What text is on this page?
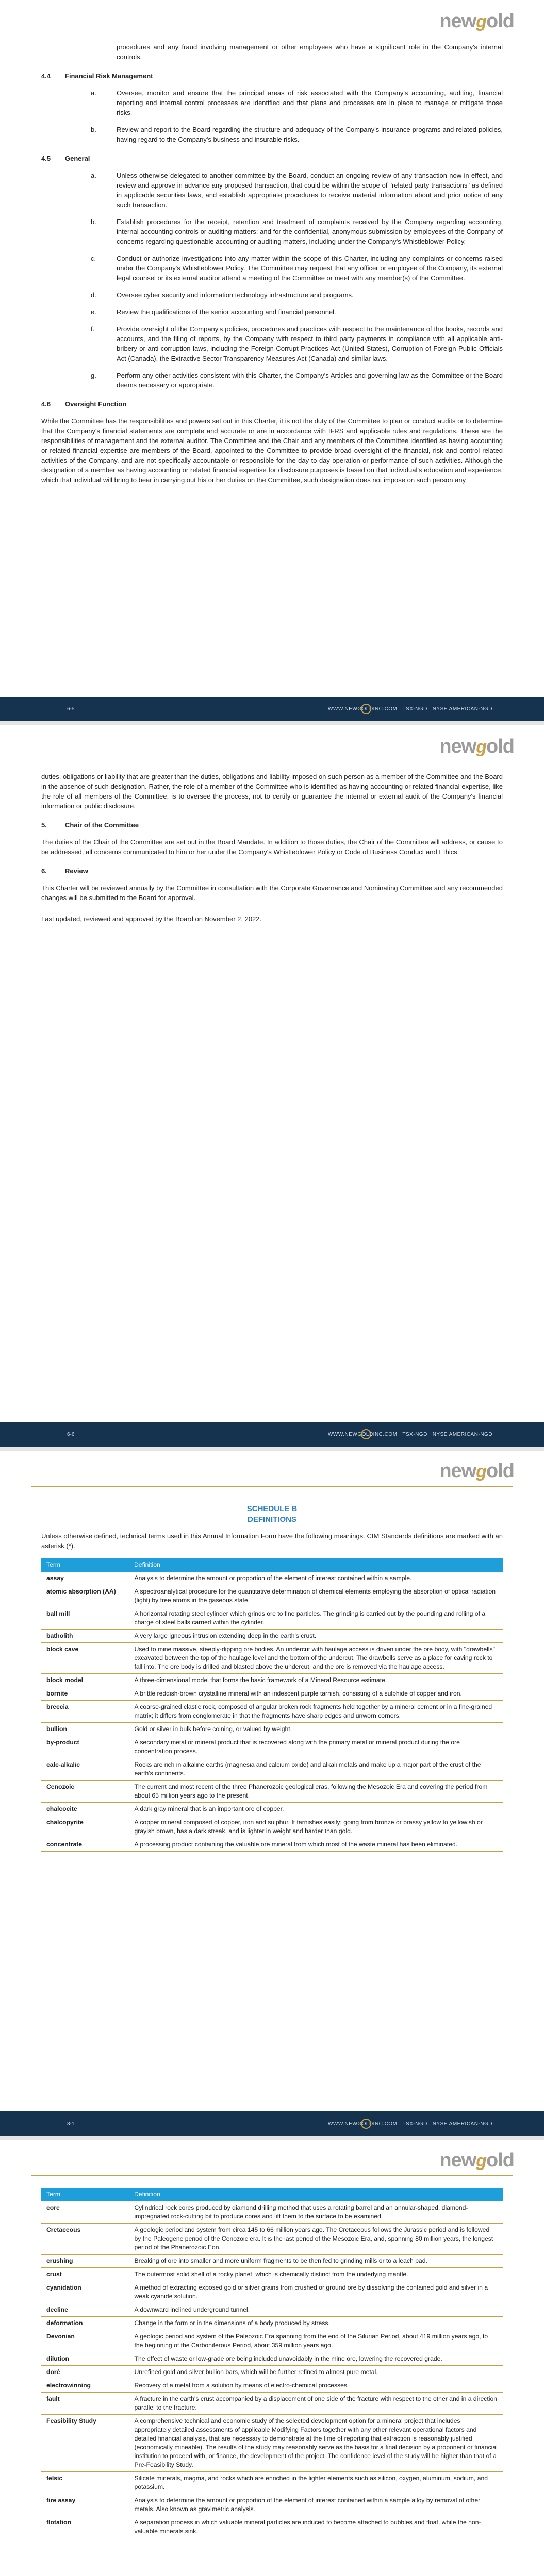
newgold
procedures and any fraud involving management or other employees who have a significant role in the Company's internal controls.
4.4 Financial Risk Management
a.	Oversee, monitor and ensure that the principal areas of risk associated with the Company's accounting, auditing, financial reporting and internal control processes are identified and that plans and processes are in place to manage or mitigate those risks.
b.	Review and report to the Board regarding the structure and adequacy of the Company's insurance programs and related policies, having regard to the Company's business and insurable risks.
4.5 General
a.	Unless otherwise delegated to another committee by the Board, conduct an ongoing review of any transaction now in effect, and review and approve in advance any proposed transaction, that could be within the scope of "related party transactions" as defined in applicable securities laws, and establish appropriate procedures to receive material information about and prior notice of any such transaction.
b.	Establish procedures for the receipt, retention and treatment of complaints received by the Company regarding accounting, internal accounting controls or auditing matters; and for the confidential, anonymous submission by employees of the Company of concerns regarding questionable accounting or auditing matters, including under the Company's Whistleblower Policy.
c.	Conduct or authorize investigations into any matter within the scope of this Charter, including any complaints or concerns raised under the Company's Whistleblower Policy. The Committee may request that any officer or employee of the Company, its external legal counsel or its external auditor attend a meeting of the Committee or meet with any member(s) of the Committee.
d.	Oversee cyber security and information technology infrastructure and programs.
e.	Review the qualifications of the senior accounting and financial personnel.
f.	Provide oversight of the Company's policies, procedures and practices with respect to the maintenance of the books, records and accounts, and the filing of reports, by the Company with respect to third party payments in compliance with all applicable anti-bribery or anti-corruption laws, including the Foreign Corrupt Practices Act (United States), Corruption of Foreign Public Officials Act (Canada), the Extractive Sector Transparency Measures Act (Canada) and similar laws.
g.	Perform any other activities consistent with this Charter, the Company's Articles and governing law as the Committee or the Board deems necessary or appropriate.
4.6 Oversight Function

While the Committee has the responsibilities and powers set out in this Charter, it is not the duty of the Committee to plan or conduct audits or to determine that the Company's financial statements are complete and accurate or are in accordance with IFRS and applicable rules and regulations. These are the responsibilities of management and the external auditor. The Committee and the Chair and any members of the Committee identified as having accounting or related financial expertise are members of the Board, appointed to the Committee to provide broad oversight of the financial, risk and control related activities of the Company, and are not specifically accountable or responsible for the day to day operation or performance of such activities. Although the designation of a member as having accounting or related financial expertise for disclosure purposes is based on that individual's education and experience, which that individual will bring to bear in carrying out his or her duties on the Committee, such designation does not impose on such person any

6-5	WWW.NEWGOLDINC.COM TSX-NGD NYSE AMERICAN-NGD
newgold

duties, obligations or liability that are greater than the duties, obligations and liability imposed on such person as a member of the Committee and the Board in the absence of such designation. Rather, the role of a member of the Committee who is identified as having accounting or related financial expertise, like the role of all members of the Committee, is to oversee the process, not to certify or guarantee the internal or external audit of the Company's financial information or public disclosure.

5.	Chair of the Committee

The duties of the Chair of the Committee are set out in the Board Mandate. In addition to those duties, the Chair of the Committee will address, or cause to be addressed, all concerns communicated to him or her under the Company's Whistleblower Policy or Code of Business Conduct and Ethics.

6.	Review

This Charter will be reviewed annually by the Committee in consultation with the Corporate Governance and Nominating Committee and any recommended changes will be submitted to the Board for approval.

Last updated, reviewed and approved by the Board on November 2, 2022.

6-6	WWW.NEWGOLDINC.COM TSX-NGD NYSE AMERICAN-NGD
newgold
SCHEDULE B
DEFINITIONS

Unless otherwise defined, technical terms used in this Annual Information Form have the following meanings. CIM Standards definitions are marked with an asterisk (*).

Term	Definition
assay	Analysis to determine the amount or proportion of the element of interest contained within a sample.
atomic absorption (AA)	A spectroanalytical procedure for the quantitative determination of chemical elements employing the absorption of optical radiation (light) by free atoms in the gaseous state.
ball mill	A horizontal rotating steel cylinder which grinds ore to fine particles. The grinding is carried out by the pounding and rolling of a charge of steel balls carried within the cylinder.
batholith	A very large igneous intrusion extending deep in the earth's crust.
block cave	Used to mine massive, steeply-dipping ore bodies. An undercut with haulage access is driven under the ore body, with "drawbells" excavated between the top of the haulage level and the bottom of the undercut. The drawbells serve as a place for caving rock to fall into. The ore body is drilled and blasted above the undercut, and the ore is removed via the haulage access.
block model	A three-dimensional model that forms the basic framework of a Mineral Resource estimate.
bornite	A brittle reddish-brown crystalline mineral with an iridescent purple tarnish, consisting of a sulphide of copper and iron.
breccia	A coarse-grained clastic rock, composed of angular broken rock fragments held together by a mineral cement or in a fine-grained matrix; it differs from conglomerate in that the fragments have sharp edges and unworn corners.
bullion	Gold or silver in bulk before coining, or valued by weight.
by-product	A secondary metal or mineral product that is recovered along with the primary metal or mineral product during the ore concentration process.
calc-alkalic	Rocks are rich in alkaline earths (magnesia and calcium oxide) and alkali metals and make up a major part of the crust of the earth's continents.
Cenozoic	The current and most recent of the three Phanerozoic geological eras, following the Mesozoic Era and covering the period from about 65 million years ago to the present.
chalcocite	A dark gray mineral that is an important ore of copper.
chalcopyrite	A copper mineral composed of copper, iron and sulphur. It tarnishes easily; going from bronze or brassy yellow to yellowish or grayish brown, has a dark streak, and is lighter in weight and harder than gold.
concentrate	A processing product containing the valuable ore mineral from which most of the waste mineral has been eliminated.
8-1	WWW.NEWGOLDINC.COM TSX-NGD NYSE AMERICAN-NGD
newgold
Term	Definition
core	Cylindrical rock cores produced by diamond drilling method that uses a rotating barrel and an annular-shaped, diamond-impregnated rock-cutting bit to produce cores and lift them to the surface to be examined.
Cretaceous	A geologic period and system from circa 145 to 66 million years ago. The Cretaceous follows the Jurassic period and is followed by the Paleogene period of the Cenozoic era. It is the last period of the Mesozoic Era, and, spanning 80 million years, the longest period of the Phanerozoic Eon.
crushing	Breaking of ore into smaller and more uniform fragments to be then fed to grinding mills or to a leach pad.
crust	The outermost solid shell of a rocky planet, which is chemically distinct from the underlying mantle.
cyanidation	A method of extracting exposed gold or silver grains from crushed or ground ore by dissolving the contained gold and silver in a weak cyanide solution.
decline	A downward inclined underground tunnel.
deformation	Change in the form or in the dimensions of a body produced by stress.
Devonian	A geologic period and system of the Paleozoic Era spanning from the end of the Silurian Period, about 419 million years ago, to the beginning of the Carboniferous Period, about 359 million years ago.
dilution	The effect of waste or low-grade ore being included unavoidably in the mine ore, lowering the recovered grade.
doré	Unrefined gold and silver bullion bars, which will be further refined to almost pure metal.
electrowinning	Recovery of a metal from a solution by means of electro-chemical processes.
fault	A fracture in the earth's crust accompanied by a displacement of one side of the fracture with respect to the other and in a direction parallel to the fracture.
Feasibility Study	A comprehensive technical and economic study of the selected development option for a mineral project that includes appropriately detailed assessments of applicable Modifying Factors together with any other relevant operational factors and detailed financial analysis, that are necessary to demonstrate at the time of reporting that extraction is reasonably justified (economically mineable). The results of the study may reasonably serve as the basis for a final decision by a proponent or financial institution to proceed with, or finance, the development of the project. The confidence level of the study will be higher than that of a Pre-Feasibility Study.
felsic	Silicate minerals, magma, and rocks which are enriched in the lighter elements such as silicon, oxygen, aluminum, sodium, and potassium.
fire assay	Analysis to determine the amount or proportion of the element of interest contained within a sample alloy by removal of other metals. Also known as gravimetric analysis.
flotation	A separation process in which valuable mineral particles are induced to become attached to bubbles and float, while the non-valuable minerals sink.
